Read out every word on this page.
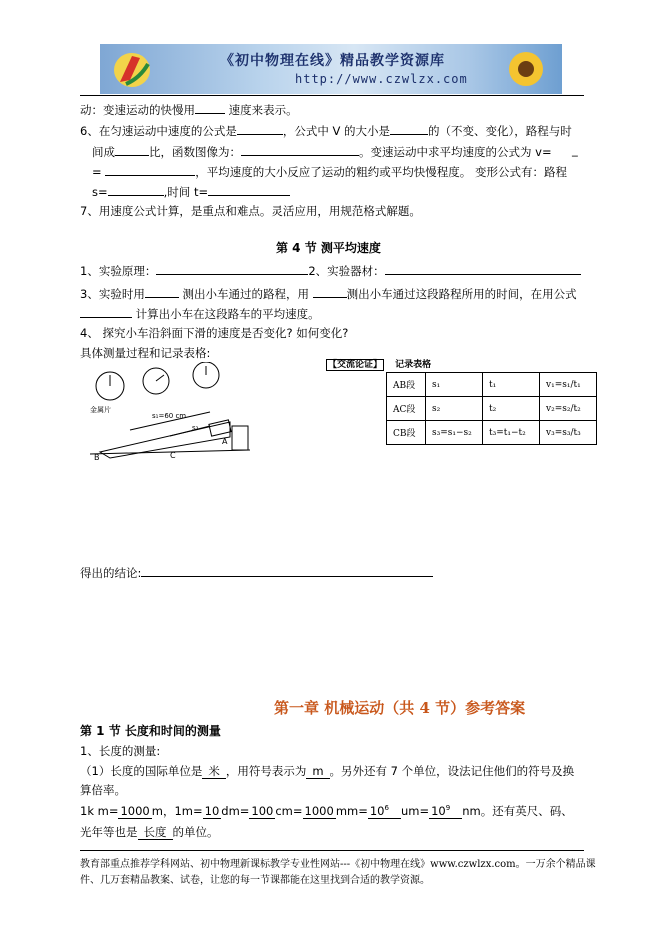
《初中物理在线》精品教学资源库
http://www.czwlzx.com
动：变速运动的快慢用	速度来表示。
6、在匀速运动中速度的公式是	，公式中 V 的大小是	的（不变、变化），路程与时
间成	比，函数图像为：	。变速运动中求平均速度的公式为 v= _
=	，平均速度的大小反应了运动的粗约或平均快慢程度。 变形公式有：路程
s=	,时间 t=
7、用速度公式计算，是重点和难点。灵活应用，用规范格式解题。
第 4 节 测平均速度
1、实验原理：	2、实验器材：
3、实验时用	测出小车通过的路程，用	测出小车通过这段路程所用的时间，在用公式
计算出小车在这段路车的平均速度。
4、 探究小车沿斜面下滑的速度是否变化? 如何变化?
具体测量过程和记录表格:
金属片
s₁=60 cm
s₂
A
C
B
【交流论证】 记录表格
AB段	s₁	t₁	v₁=s₁/t₁
AC段	s₂	t₂	v₂=s₂/t₂
CB段	s₃=s₁−s₂	t₃=t₁−t₂	v₃=s₃/t₃
得出的结论:
第一章 机械运动（共 4 节）参考答案
第 1 节 长度和时间的测量
1、长度的测量:
（1）长度的国际单位是 米 ，用符号表示为 m 。另外还有 7 个单位，设法记住他们的符号及换
算倍率。
1k m= 1000 m，1m= 10 dm= 100 cm= 1000 $mm= 10^6$ $um= 10^9$ nm。还有英尺、码、
光年等也是 长度 的单位。
教育部重点推荐学科网站、初中物理新课标教学专业性网站---《初中物理在线》www.czwlzx.com。一万余个精品课
件、几万套精品教案、试卷，让您的每一节课都能在这里找到合适的教学资源。
